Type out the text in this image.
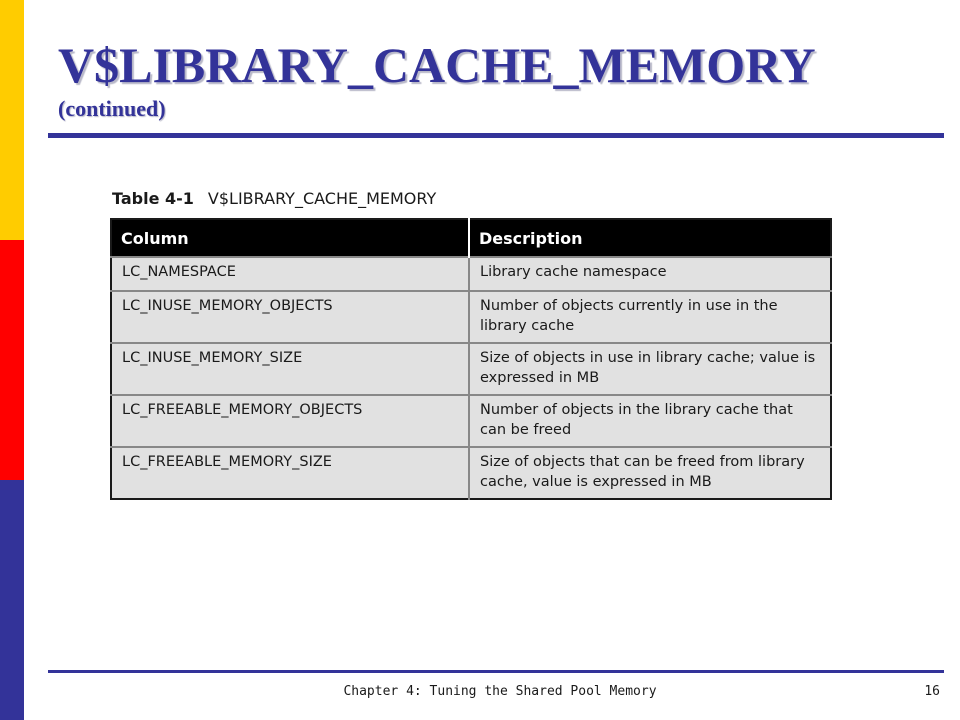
V$LIBRARY_CACHE_MEMORY
(continued)
Table 4-1 V$LIBRARY_CACHE_MEMORY
Column	Description
LC_NAMESPACE	Library cache namespace
LC_INUSE_MEMORY_OBJECTS	Number of objects currently in use in the library cache
LC_INUSE_MEMORY_SIZE	Size of objects in use in library cache; value is expressed in MB
LC_FREEABLE_MEMORY_OBJECTS	Number of objects in the library cache that can be freed
LC_FREEABLE_MEMORY_SIZE	Size of objects that can be freed from library cache, value is expressed in MB
Chapter 4: Tuning the Shared Pool Memory	16
